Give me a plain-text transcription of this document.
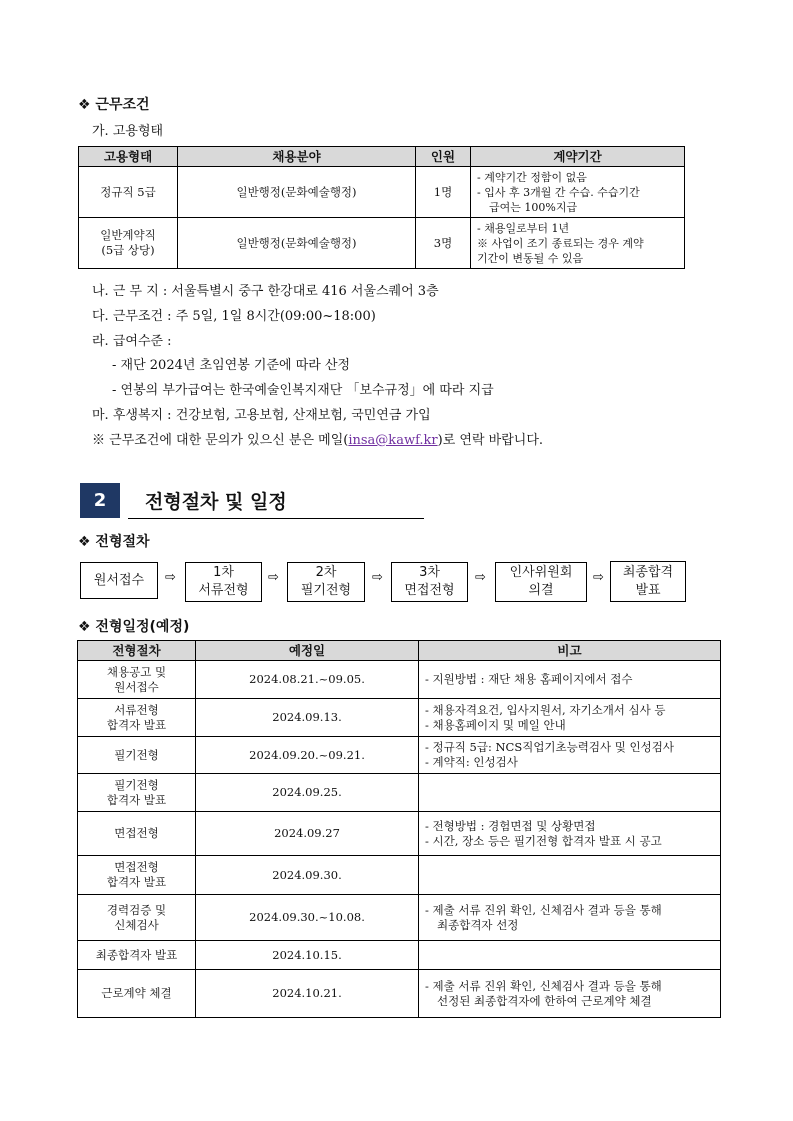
❖ 근무조건
가. 고용형태
고용형태	채용분야	인원	계약기간
정규직 5급	일반행정(문화예술행정)	1명	- 계약기간 정함이 없음
- 입사 후 3개월 간 수습. 수습기간
급여는 100%지급

일반계약직
(5급 상당)	일반행정(문화예술행정)	3명	- 채용일로부터 1년
※ 사업이 조기 종료되는 경우 계약
기간이 변동될 수 있음
나. 근 무 지 : 서울특별시 중구 한강대로 416 서울스퀘어 3층
다. 근무조건 : 주 5일, 1일 8시간(09:00~18:00)
라. 급여수준 :
- 재단 2024년 초임연봉 기준에 따라 산정
- 연봉의 부가급여는 한국예술인복지재단 「보수규정」에 따라 지급
마. 후생복지 : 건강보험, 고용보험, 산재보험, 국민연금 가입
※ 근무조건에 대한 문의가 있으신 분은 메일(insa@kawf.kr)로 연락 바랍니다.
2	전형절차 및 일정
❖ 전형절차
원서접수	⇨	1차
서류전형
⇨	2차
필기전형
⇨	3차
면접전형
⇨	인사위원회
의결
⇨	최종합격
발표
❖ 전형일정(예정)
전형절차	예정일	비고

채용공고 및
원서접수	2024.08.21.~09.05.	- 지원방법 : 재단 채용 홈페이지에서 접수

서류전형
합격자 발표	2024.09.13.	- 채용자격요건, 입사지원서, 자기소개서 심사 등
- 채용홈페이지 및 메일 안내

필기전형	2024.09.20.~09.21.	- 정규직 5급: NCS직업기초능력검사 및 인성검사
- 계약직: 인성검사

필기전형
합격자 발표	2024.09.25.	

면접전형	2024.09.27	- 전형방법 : 경험면접 및 상황면접
- 시간, 장소 등은 필기전형 합격자 발표 시 공고

면접전형
합격자 발표	2024.09.30.	

경력검증 및
신체검사	2024.09.30.~10.08.	- 제출 서류 진위 확인, 신체검사 결과 등을 통해
최종합격자 선정

최종합격자 발표	2024.10.15.	

근로계약 체결	2024.10.21.	- 제출 서류 진위 확인, 신체검사 결과 등을 통해
선정된 최종합격자에 한하여 근로계약 체결
